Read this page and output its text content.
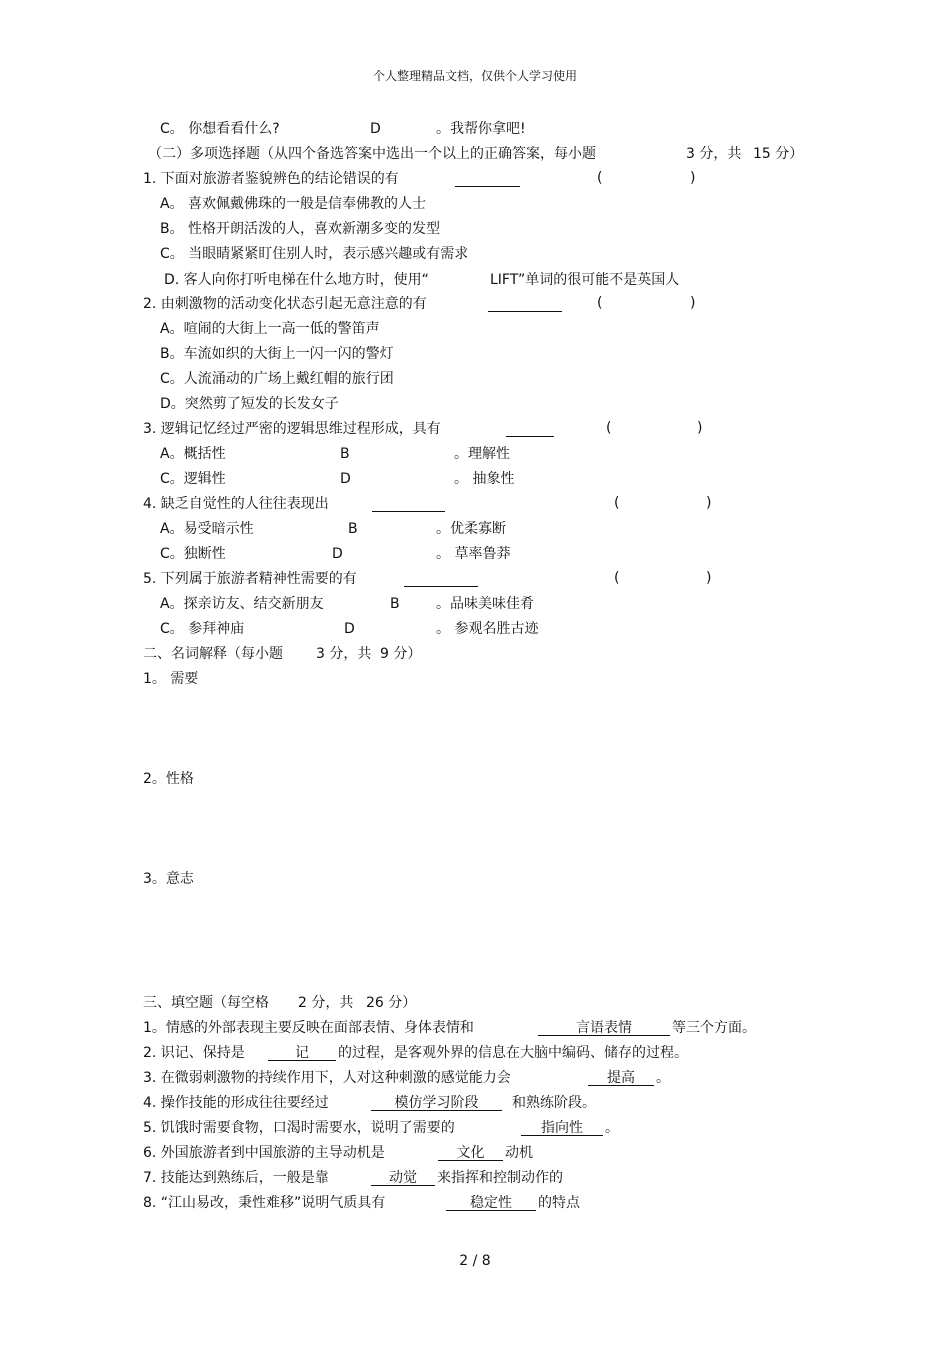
个人整理精品文档，仅供个人学习使用
C。 你想看看什么?	D	。我帮你拿吧!
（二）多项选择题（从四个备选答案中选出一个以上的正确答案，每小题	3 分，共 15 分）
1. 下面对旅游者鉴貌辨色的结论错误的有	(	)
A。 喜欢佩戴佛珠的一般是信奉佛教的人士
B。 性格开朗活泼的人，喜欢新潮多变的发型
C。 当眼睛紧紧盯住别人时，表示感兴趣或有需求
D. 客人向你打听电梯在什么地方时，使用“	LIFT”单词的很可能不是英国人
2. 由刺激物的活动变化状态引起无意注意的有	(	)
A。喧闹的大街上一高一低的警笛声
B。车流如织的大街上一闪一闪的警灯
C。人流涌动的广场上戴红帽的旅行团
D。突然剪了短发的长发女子
3. 逻辑记忆经过严密的逻辑思维过程形成，具有	(	)
A。概括性	B	。理解性
C。逻辑性	D	。 抽象性
4. 缺乏自觉性的人往往表现出	(	)
A。易受暗示性	B	。优柔寡断
C。独断性	D	。 草率鲁莽
5. 下列属于旅游者精神性需要的有	(	)
A。探亲访友、结交新朋友	B	。品味美味佳肴
C。 参拜神庙	D	。 参观名胜古迹
二、名词解释（每小题 3 分，共 9 分）
1。 需要
2。性格
3。意志
三、填空题（每空格 2 分，共 26 分）
1。情感的外部表现主要反映在面部表情、身体表情和	言语表情	等三个方面。
2. 识记、保持是	记	的过程，是客观外界的信息在大脑中编码、储存的过程。
3. 在微弱刺激物的持续作用下，人对这种刺激的感觉能力会	提高	。
4. 操作技能的形成往往要经过	模仿学习阶段	和熟练阶段。
5. 饥饿时需要食物，口渴时需要水，说明了需要的	指向性	。
6. 外国旅游者到中国旅游的主导动机是	文化	动机
7. 技能达到熟练后，一般是靠	动觉	来指挥和控制动作的
8. “江山易改，秉性难移”说明气质具有	稳定性	的特点
2 / 8
